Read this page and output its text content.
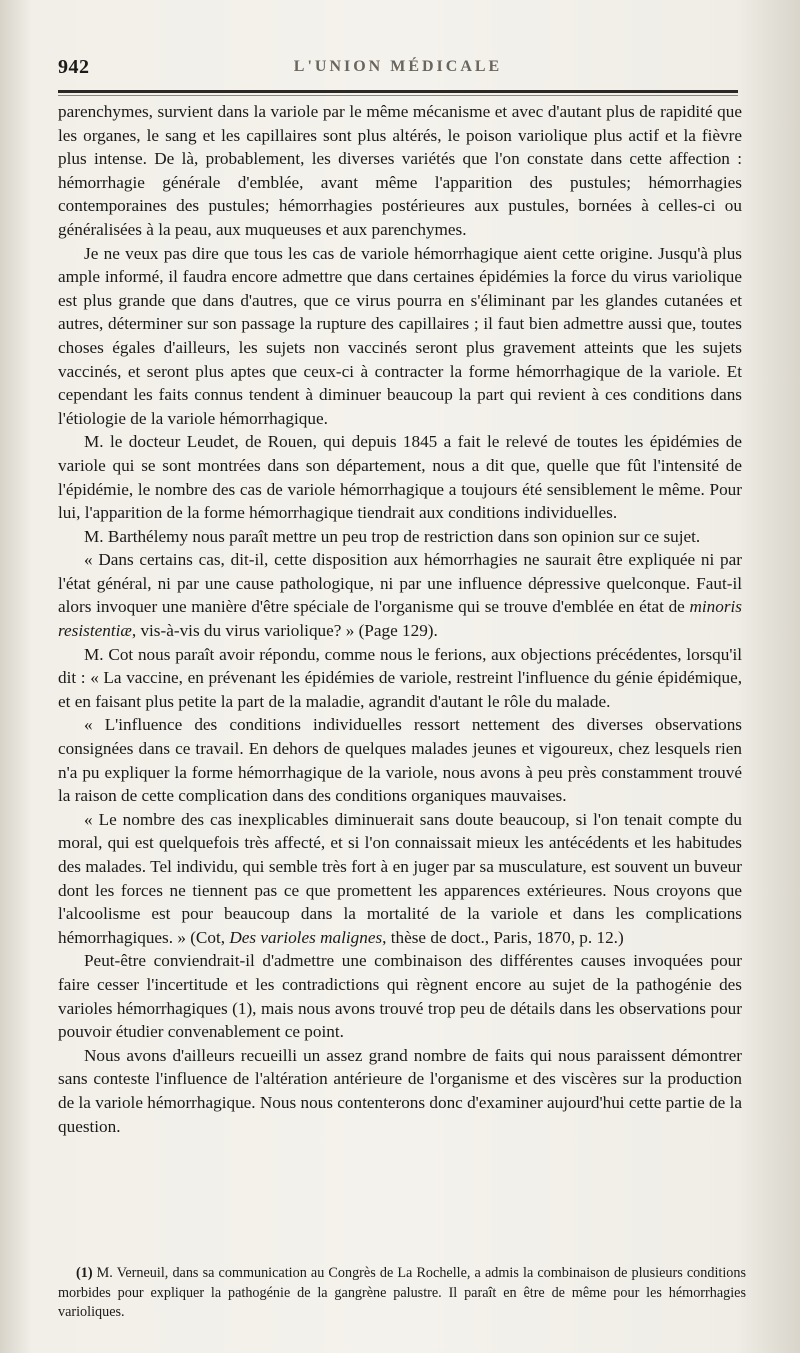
942	L'UNION MÉDICALE

parenchymes, survient dans la variole par le même mécanisme et avec d'autant plus de rapidité que les organes, le sang et les capillaires sont plus altérés, le poison variolique plus actif et la fièvre plus intense. De là, probablement, les diverses variétés que l'on constate dans cette affection : hémorrhagie générale d'emblée, avant même l'apparition des pustules; hémorrhagies contemporaines des pustules; hémorrhagies postérieures aux pustules, bornées à celles-ci ou généralisées à la peau, aux muqueuses et aux parenchymes.

Je ne veux pas dire que tous les cas de variole hémorrhagique aient cette origine. Jusqu'à plus ample informé, il faudra encore admettre que dans certaines épidémies la force du virus variolique est plus grande que dans d'autres, que ce virus pourra en s'éliminant par les glandes cutanées et autres, déterminer sur son passage la rupture des capillaires ; il faut bien admettre aussi que, toutes choses égales d'ailleurs, les sujets non vaccinés seront plus gravement atteints que les sujets vaccinés, et seront plus aptes que ceux-ci à contracter la forme hémorrhagique de la variole. Et cependant les faits connus tendent à diminuer beaucoup la part qui revient à ces conditions dans l'étiologie de la variole hémorrhagique.

M. le docteur Leudet, de Rouen, qui depuis 1845 a fait le relevé de toutes les épidémies de variole qui se sont montrées dans son département, nous a dit que, quelle que fût l'intensité de l'épidémie, le nombre des cas de variole hémorrhagique a toujours été sensiblement le même. Pour lui, l'apparition de la forme hémorrhagique tiendrait aux conditions individuelles.

M. Barthélemy nous paraît mettre un peu trop de restriction dans son opinion sur ce sujet.

« Dans certains cas, dit-il, cette disposition aux hémorrhagies ne saurait être expliquée ni par l'état général, ni par une cause pathologique, ni par une influence dépressive quelconque. Faut-il alors invoquer une manière d'être spéciale de l'organisme qui se trouve d'emblée en état de minoris resistentiæ, vis-à-vis du virus variolique? » (Page 129).

M. Cot nous paraît avoir répondu, comme nous le ferions, aux objections précédentes, lorsqu'il dit : « La vaccine, en prévenant les épidémies de variole, restreint l'influence du génie épidémique, et en faisant plus petite la part de la maladie, agrandit d'autant le rôle du malade.

« L'influence des conditions individuelles ressort nettement des diverses observations consignées dans ce travail. En dehors de quelques malades jeunes et vigoureux, chez lesquels rien n'a pu expliquer la forme hémorrhagique de la variole, nous avons à peu près constamment trouvé la raison de cette complication dans des conditions organiques mauvaises.

« Le nombre des cas inexplicables diminuerait sans doute beaucoup, si l'on tenait compte du moral, qui est quelquefois très affecté, et si l'on connaissait mieux les antécédents et les habitudes des malades. Tel individu, qui semble très fort à en juger par sa musculature, est souvent un buveur dont les forces ne tiennent pas ce que promettent les apparences extérieures. Nous croyons que l'alcoolisme est pour beaucoup dans la mortalité de la variole et dans les complications hémorrhagiques. » (Cot, Des varioles malignes, thèse de doct., Paris, 1870, p. 12.)

Peut-être conviendrait-il d'admettre une combinaison des différentes causes invoquées pour faire cesser l'incertitude et les contradictions qui règnent encore au sujet de la pathogénie des varioles hémorrhagiques (1), mais nous avons trouvé trop peu de détails dans les observations pour pouvoir étudier convenablement ce point.

Nous avons d'ailleurs recueilli un assez grand nombre de faits qui nous paraissent démontrer sans conteste l'influence de l'altération antérieure de l'organisme et des viscères sur la production de la variole hémorrhagique. Nous nous contenterons donc d'examiner aujourd'hui cette partie de la question.

(1) M. Verneuil, dans sa communication au Congrès de La Rochelle, a admis la combinaison de plusieurs conditions morbides pour expliquer la pathogénie de la gangrène palustre. Il paraît en être de même pour les hémorrhagies varioliques.
